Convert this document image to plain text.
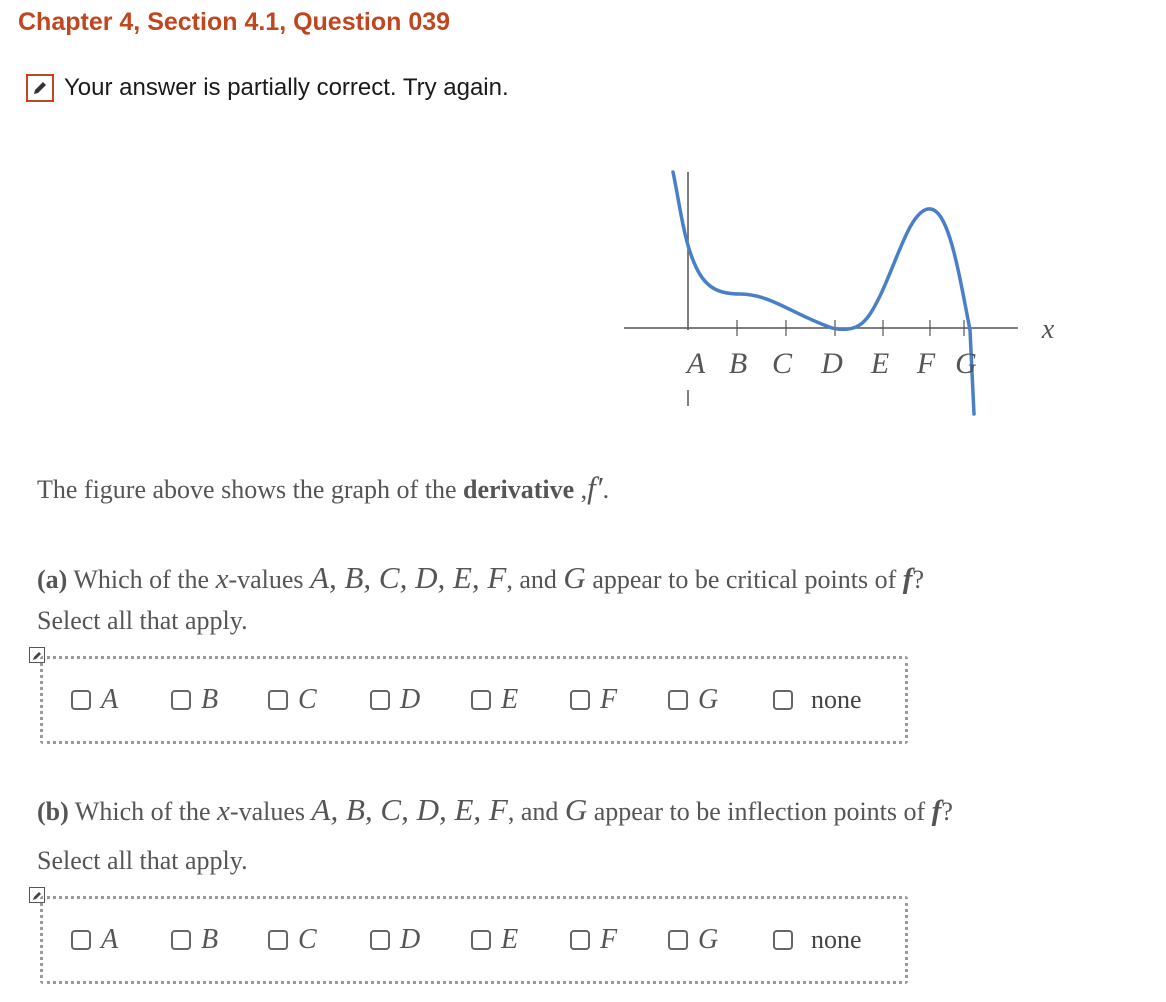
Chapter 4, Section 4.1, Question 039
Your answer is partially correct. Try again.
A B C D E F G
x
The figure above shows the graph of the derivative ,f′.
(a) Which of the x-values A, B, C, D, E, F, and G appear to be critical points of f?
Select all that apply.
A	B	C	D	E	F	G	none
(b) Which of the x-values A, B, C, D, E, F, and G appear to be inflection points of f?
Select all that apply.
A	B	C	D	E	F	G	none
